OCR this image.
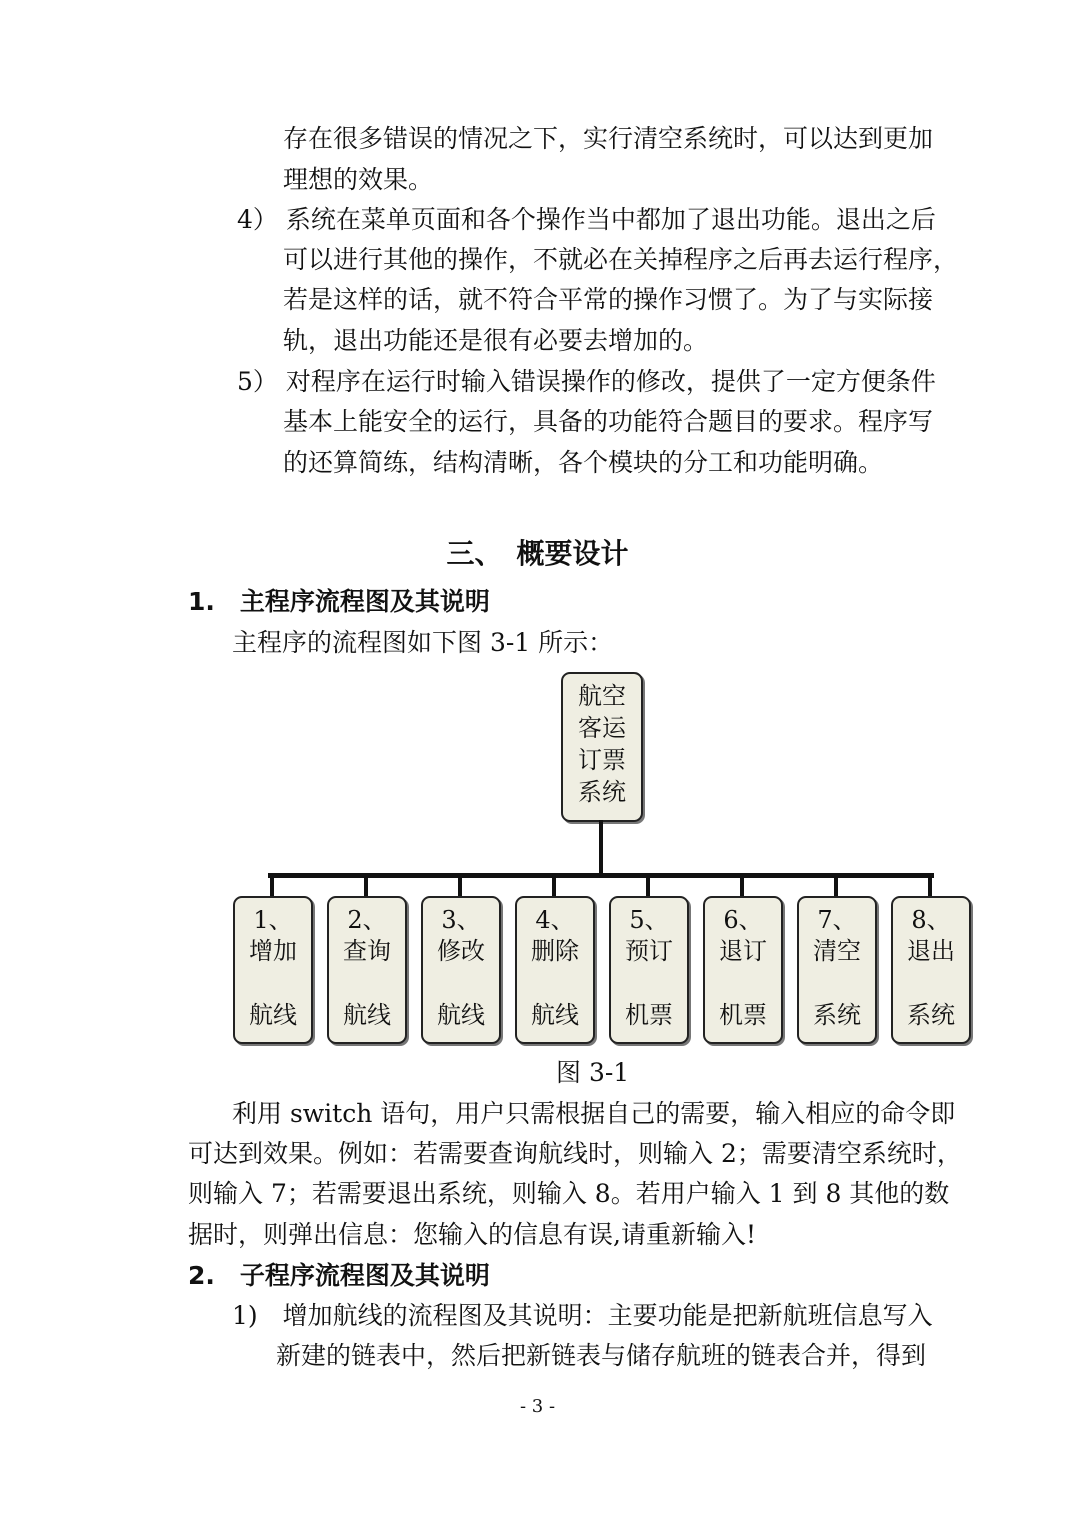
存在很多错误的情况之下，实行清空系统时，可以达到更加
理想的效果。
4） 系统在菜单页面和各个操作当中都加了退出功能。退出之后
可以进行其他的操作，不就必在关掉程序之后再去运行程序，
若是这样的话，就不符合平常的操作习惯了。为了与实际接
轨，退出功能还是很有必要去增加的。
5） 对程序在运行时输入错误操作的修改，提供了一定方便条件
基本上能安全的运行，具备的功能符合题目的要求。程序写
的还算简练，结构清晰，各个模块的分工和功能明确。
三、　概要设计
1.　主程序流程图及其说明
主程序的流程图如下图 3-1 所示：
航空
客运
订票
系统
1、
增加
航线
2、
查询
航线
3、
修改
航线
4、
删除
航线
5、
预订
机票
6、
退订
机票
7、
清空
系统
8、
退出
系统
图 3-1
利用 switch 语句，用户只需根据自己的需要，输入相应的命令即
可达到效果。例如：若需要查询航线时，则输入 2；需要清空系统时，
则输入 7；若需要退出系统，则输入 8。若用户输入 1 到 8 其他的数
据时，则弹出信息：您输入的信息有误,请重新输入!
2.　子程序流程图及其说明
1)　增加航线的流程图及其说明：主要功能是把新航班信息写入
新建的链表中，然后把新链表与储存航班的链表合并，得到
- 3 -
